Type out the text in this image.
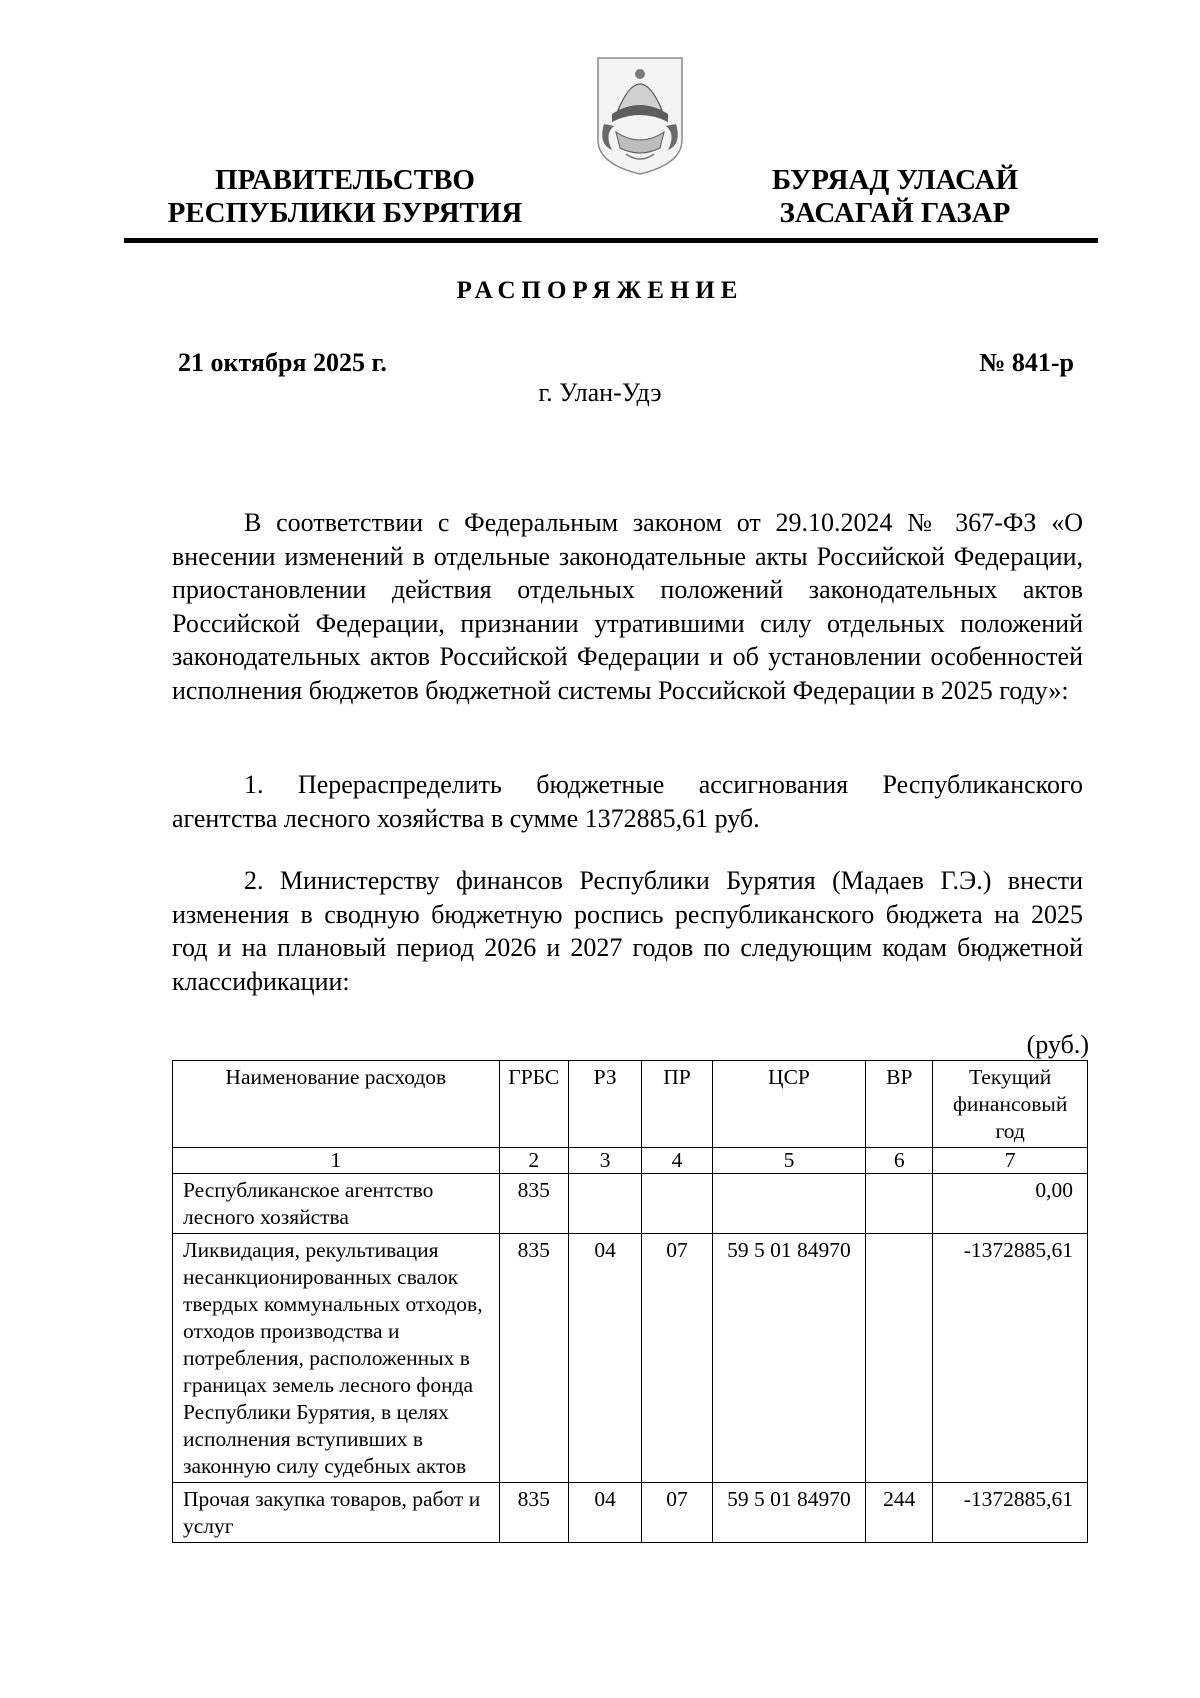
ПРАВИТЕЛЬСТВО
РЕСПУБЛИКИ БУРЯТИЯ
БУРЯАД УЛАСАЙ
ЗАСАГАЙ ГАЗАР
РАСПОРЯЖЕНИЕ
21 октября 2025 г.	№ 841-р
г. Улан-Удэ
В соответствии с Федеральным законом от 29.10.2024 № 367-ФЗ «О внесении изменений в отдельные законодательные акты Российской Федерации, приостановлении действия отдельных положений законодательных актов Российской Федерации, признании утратившими силу отдельных положений законодательных актов Российской Федерации и об установлении особенностей исполнения бюджетов бюджетной системы Российской Федерации в 2025 году»:
1. Перераспределить бюджетные ассигнования Республиканского агентства лесного хозяйства в сумме 1372885,61 руб.
2. Министерству финансов Республики Бурятия (Мадаев Г.Э.) внести изменения в сводную бюджетную роспись республиканского бюджета на 2025 год и на плановый период 2026 и 2027 годов по следующим кодам бюджетной классификации:
(руб.)
Наименование расходов	ГРБС	РЗ	ПР	ЦСР	ВР	Текущий финансовый год
1	2	3	4	5	6	7
Республиканское агентство лесного хозяйства	835					0,00
Ликвидация, рекультивация несанкционированных свалок твердых коммунальных отходов, отходов производства и потребления, расположенных в границах земель лесного фонда Республики Бурятия, в целях исполнения вступивших в законную силу судебных актов	835	04	07	59 5 01 84970		-1372885,61
Прочая закупка товаров, работ и услуг	835	04	07	59 5 01 84970	244	-1372885,61
